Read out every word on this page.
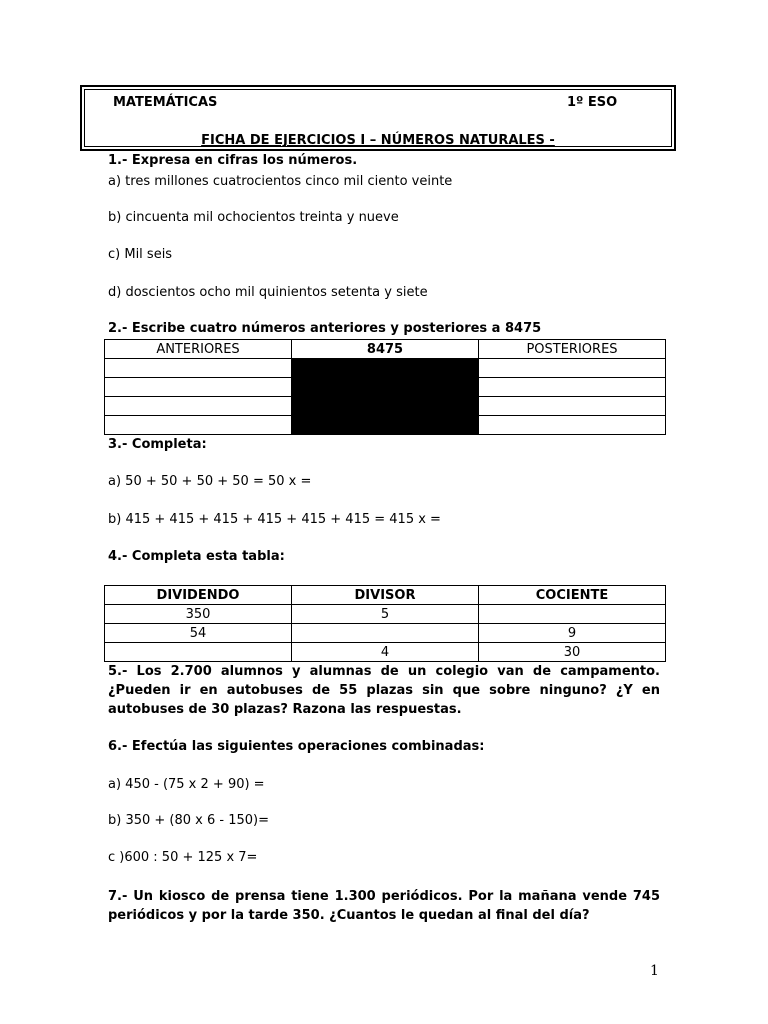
MATEMÁTICAS	1º ESO
FICHA DE EJERCICIOS I – NÚMEROS NATURALES -
1.- Expresa en cifras los números.
a) tres millones cuatrocientos cinco mil ciento veinte
b) cincuenta mil ochocientos treinta y nueve
c) Mil seis
d) doscientos ocho mil quinientos setenta y siete
2.- Escribe cuatro números anteriores y posteriores a 8475
ANTERIORES	8475	POSTERIORES

3.- Completa:
a) 50 + 50 + 50 + 50 = 50 x =
b) 415 + 415 + 415 + 415 + 415 + 415 = 415 x =
4.- Completa esta tabla:
DIVIDENDO	DIVISOR	COCIENTE
350	5	
54		9
	4	30
5.- Los 2.700 alumnos y alumnas de un colegio van de campamento. ¿Pueden ir en autobuses de 55 plazas sin que sobre ninguno? ¿Y en autobuses de 30 plazas? Razona las respuestas.
6.- Efectúa las siguientes operaciones combinadas:
a) 450 - (75 x 2 + 90) =
b) 350 + (80 x 6 - 150)=
c )600 : 50 + 125 x 7=
7.- Un kiosco de prensa tiene 1.300 periódicos. Por la mañana vende 745 periódicos y por la tarde 350. ¿Cuantos le quedan al final del día?
1
